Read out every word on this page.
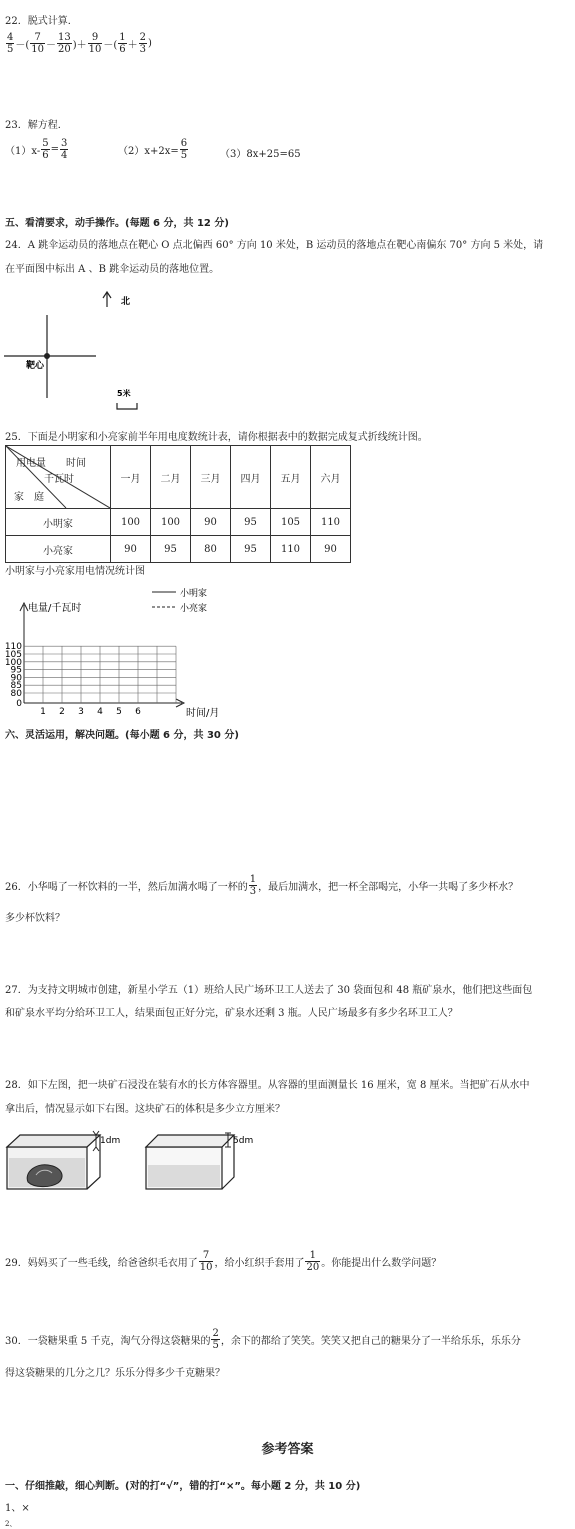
22．脱式计算．
$\frac{4}{5}$ －( $\frac{7}{10} - \frac{13}{20}$ )＋ $\frac{9}{10}$ －( $\frac{1}{6} + \frac{2}{3}$ )
23．解方程．
$(1)x- \frac{5}{6} = \frac{3}{4}$	$(2)x+2x= \frac{6}{5}$	（3）8x+25=65
五、看清要求，动手操作。(每题 6 分，共 12 分)
24．A 跳伞运动员的落地点在靶心 O 点北偏西 60° 方向 10 米处，B 运动员的落地点在靶心南偏东 70° 方向 5 米处，请
在平面图中标出 A 、B 跳伞运动员的落地位置。
北
靶心
5米
25．下面是小明家和小亮家前半年用电度数统计表，请你根据表中的数据完成复式折线统计图。
用电量 时间
千瓦时
家　庭	一月	二月	三月	四月	五月	六月
小明家	100	100	90	95	105	110
小亮家	90	95	80	95	110	90
小明家与小亮家用电情况统计图
小明家
小亮家
电量/千瓦时
时间/月
110
105
100
95
90
85
80
0
1 2 3 4 5 6
六、灵活运用，解决问题。(每小题 6 分，共 30 分)
26．小华喝了一杯饮料的一半，然后加满水喝了一杯的 $\frac{1}{3}$ ，最后加满水，把一杯全部喝完，小华一共喝了多少杯水？
多少杯饮料？
27．为支持文明城市创建，新星小学五（1）班给人民广场环卫工人送去了 30 袋面包和 48 瓶矿泉水，他们把这些面包
和矿泉水平均分给环卫工人，结果面包正好分完，矿泉水还剩 3 瓶。人民广场最多有多少名环卫工人？
28．如下左图，把一块矿石浸没在装有水的长方体容器里。从容器的里面测量长 16 厘米，宽 8 厘米。当把矿石从水中
拿出后，情况显示如下右图。这块矿石的体积是多少立方厘米？
1dm	5dm
29．妈妈买了一些毛线，给爸爸织毛衣用了 $\frac{7}{10}$ ，给小红织手套用了 $\frac{1}{20}$ 。你能提出什么数学问题？
30．一袋糖果重 5 千克，淘气分得这袋糖果的 $\frac{2}{5}$ ，余下的都给了笑笑。笑笑又把自己的糖果分了一半给乐乐，乐乐分
得这袋糖果的几分之几？乐乐分得多少千克糖果？
参考答案
一、仔细推敲，细心判断。(对的打“√”，错的打“×”。每小题 2 分，共 10 分)
1、×
2、
